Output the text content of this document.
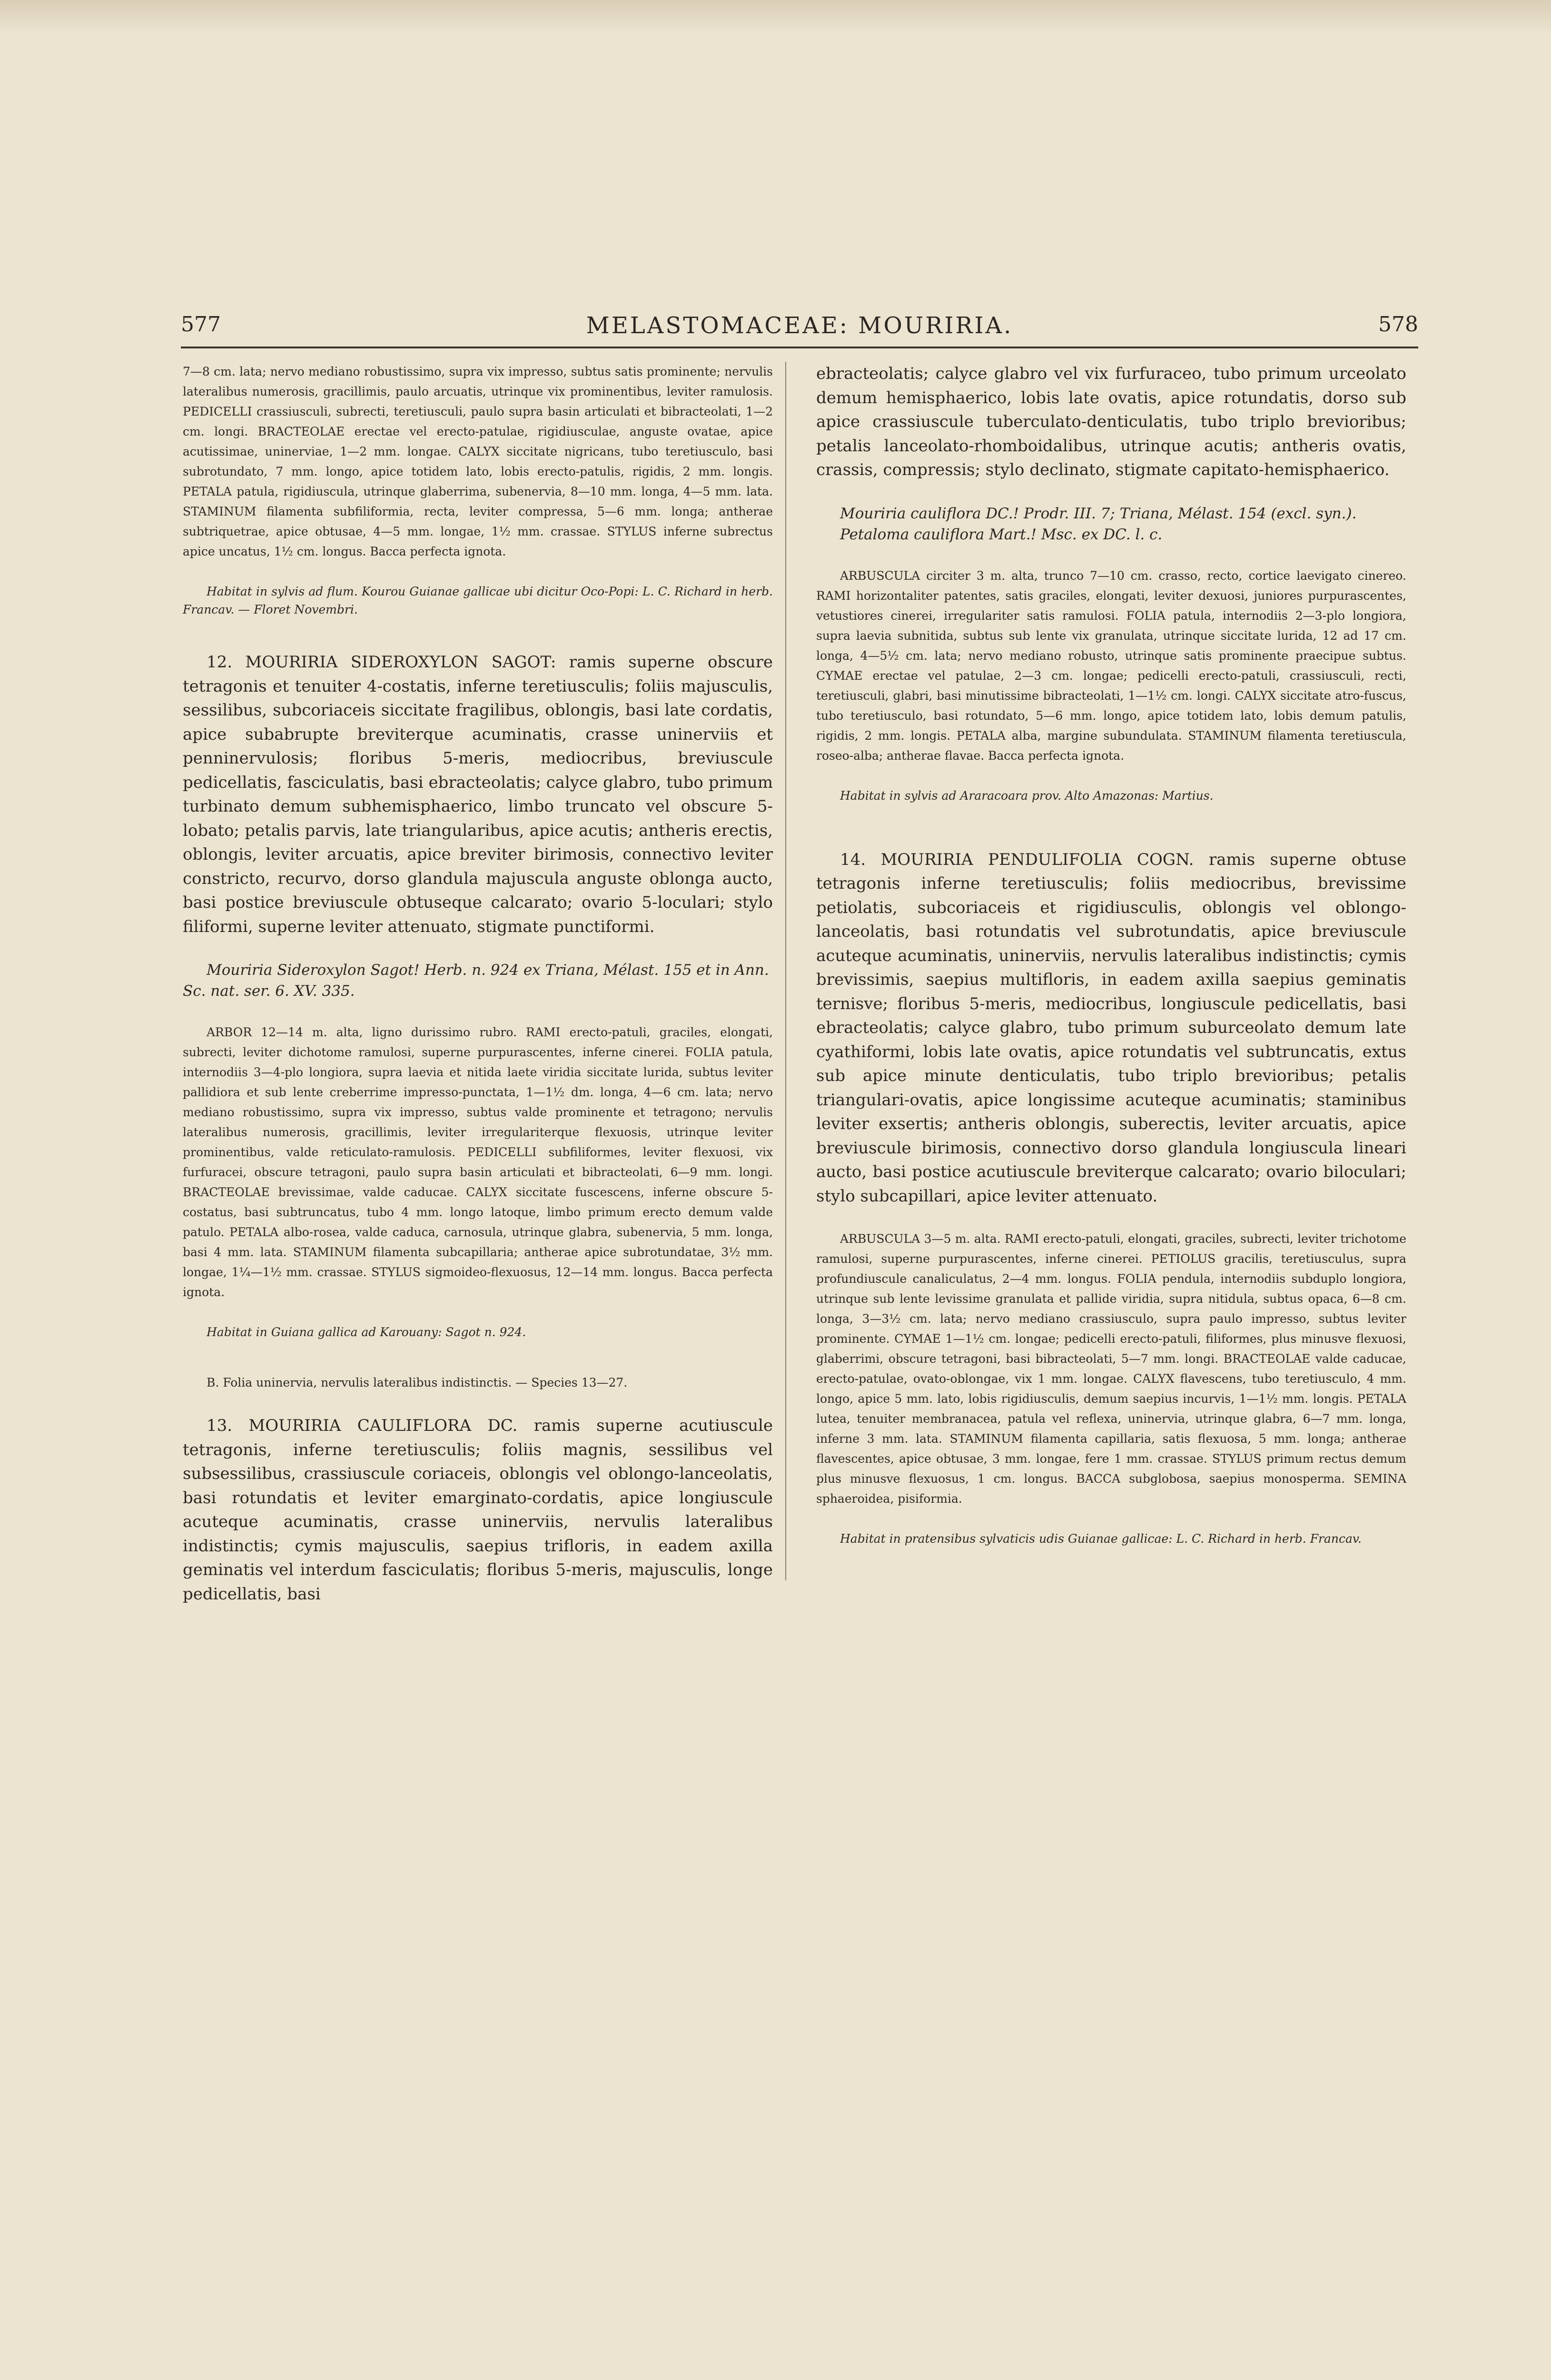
MELASTOMACEAE: MOURIRIA.
577	578

7—8 cm. lata; nervo mediano robustissimo, supra vix impresso, subtus satis prominente; nervulis lateralibus numerosis, gracillimis, paulo arcuatis, utrinque vix prominentibus, leviter ramulosis. PEDICELLI crassiusculi, subrecti, teretiusculi, paulo supra basin articulati et bibracteolati, 1—2 cm. longi. BRACTEOLAE erectae vel erecto-patulae, rigidiusculae, anguste ovatae, apice acutissimae, uninerviae, 1—2 mm. longae. CALYX siccitate nigricans, tubo teretiusculo, basi subrotundato, 7 mm. longo, apice totidem lato, lobis erecto-patulis, rigidis, 2 mm. longis. PETALA patula, rigidiuscula, utrinque glaberrima, subenervia, 8—10 mm. longa, 4—5 mm. lata. STAMINUM filamenta subfiliformia, recta, leviter compressa, 5—6 mm. longa; antherae subtriquetrae, apice obtusae, 4—5 mm. longae, 1½ mm. crassae. STYLUS inferne subrectus apice uncatus, 1½ cm. longus. Bacca perfecta ignota.

Habitat in sylvis ad flum. Kourou Guianae gallicae ubi dicitur Oco-Popi: L. C. Richard in herb. Francav. — Floret Novembri.

12. MOURIRIA SIDEROXYLON SAGOT: ramis superne obscure tetragonis et tenuiter 4-costatis, inferne teretiusculis; foliis majusculis, sessilibus, subcoriaceis siccitate fragilibus, oblongis, basi late cordatis, apice subabrupte breviterque acuminatis, crasse uninerviis et penninervulosis; floribus 5-meris, mediocribus, breviuscule pedicellatis, fasciculatis, basi ebracteolatis; calyce glabro, tubo primum turbinato demum subhemisphaerico, limbo truncato vel obscure 5-lobato; petalis parvis, late triangularibus, apice acutis; antheris erectis, oblongis, leviter arcuatis, apice breviter birimosis, connectivo leviter constricto, recurvo, dorso glandula majuscula anguste oblonga aucto, basi postice breviuscule obtuseque calcarato; ovario 5-loculari; stylo filiformi, superne leviter attenuato, stigmate punctiformi.

Mouriria Sideroxylon Sagot! Herb. n. 924 ex Triana, Mélast. 155 et in Ann. Sc. nat. ser. 6. XV. 335.

ARBOR 12—14 m. alta, ligno durissimo rubro. RAMI erecto-patuli, graciles, elongati, subrecti, leviter dichotome ramulosi, superne purpurascentes, inferne cinerei. FOLIA patula, internodiis 3—4-plo longiora, supra laevia et nitida laete viridia siccitate lurida, subtus leviter pallidiora et sub lente creberrime impresso-punctata, 1—1½ dm. longa, 4—6 cm. lata; nervo mediano robustissimo, supra vix impresso, subtus valde prominente et tetragono; nervulis lateralibus numerosis, gracillimis, leviter irregulariterque flexuosis, utrinque leviter prominentibus, valde reticulato-ramulosis. PEDICELLI subfiliformes, leviter flexuosi, vix furfuracei, obscure tetragoni, paulo supra basin articulati et bibracteolati, 6—9 mm. longi. BRACTEOLAE brevissimae, valde caducae. CALYX siccitate fuscescens, inferne obscure 5-costatus, basi subtruncatus, tubo 4 mm. longo latoque, limbo primum erecto demum valde patulo. PETALA albo-rosea, valde caduca, carnosula, utrinque glabra, subenervia, 5 mm. longa, basi 4 mm. lata. STAMINUM filamenta subcapillaria; antherae apice subrotundatae, 3½ mm. longae, 1¼—1½ mm. crassae. STYLUS sigmoideo-flexuosus, 12—14 mm. longus. Bacca perfecta ignota.

Habitat in Guiana gallica ad Karouany: Sagot n. 924.

B. Folia uninervia, nervulis lateralibus indistinctis. — Species 13—27.

13. MOURIRIA CAULIFLORA DC. ramis superne acutiuscule tetragonis, inferne teretiusculis; foliis magnis, sessilibus vel subsessilibus, crassiuscule coriaceis, oblongis vel oblongo-lanceolatis, basi rotundatis et leviter emarginato-cordatis, apice longiuscule acuteque acuminatis, crasse uninerviis, nervulis lateralibus indistinctis; cymis majusculis, saepius trifloris, in eadem axilla geminatis vel interdum fasciculatis; floribus 5-meris, majusculis, longe pedicellatis, basi

ebracteolatis; calyce glabro vel vix furfuraceo, tubo primum urceolato demum hemisphaerico, lobis late ovatis, apice rotundatis, dorso sub apice crassiuscule tuberculato-denticulatis, tubo triplo brevioribus; petalis lanceolato-rhomboidalibus, utrinque acutis; antheris ovatis, crassis, compressis; stylo declinato, stigmate capitato-hemisphaerico.

Mouriria cauliflora DC.! Prodr. III. 7; Triana, Mélast. 154 (excl. syn.).

Petaloma cauliflora Mart.! Msc. ex DC. l. c.

ARBUSCULA circiter 3 m. alta, trunco 7—10 cm. crasso, recto, cortice laevigato cinereo. RAMI horizontaliter patentes, satis graciles, elongati, leviter dexuosi, juniores purpurascentes, vetustiores cinerei, irregulariter satis ramulosi. FOLIA patula, internodiis 2—3-plo longiora, supra laevia subnitida, subtus sub lente vix granulata, utrinque siccitate lurida, 12 ad 17 cm. longa, 4—5½ cm. lata; nervo mediano robusto, utrinque satis prominente praecipue subtus. CYMAE erectae vel patulae, 2—3 cm. longae; pedicelli erecto-patuli, crassiusculi, recti, teretiusculi, glabri, basi minutissime bibracteolati, 1—1½ cm. longi. CALYX siccitate atro-fuscus, tubo teretiusculo, basi rotundato, 5—6 mm. longo, apice totidem lato, lobis demum patulis, rigidis, 2 mm. longis. PETALA alba, margine subundulata. STAMINUM filamenta teretiuscula, roseo-alba; antherae flavae. Bacca perfecta ignota.

Habitat in sylvis ad Araracoara prov. Alto Amazonas: Martius.

14. MOURIRIA PENDULIFOLIA COGN. ramis superne obtuse tetragonis inferne teretiusculis; foliis mediocribus, brevissime petiolatis, subcoriaceis et rigidiusculis, oblongis vel oblongo-lanceolatis, basi rotundatis vel subrotundatis, apice breviuscule acuteque acuminatis, uninerviis, nervulis lateralibus indistinctis; cymis brevissimis, saepius multifloris, in eadem axilla saepius geminatis ternisve; floribus 5-meris, mediocribus, longiuscule pedicellatis, basi ebracteolatis; calyce glabro, tubo primum suburceolato demum late cyathiformi, lobis late ovatis, apice rotundatis vel subtruncatis, extus sub apice minute denticulatis, tubo triplo brevioribus; petalis triangulari-ovatis, apice longissime acuteque acuminatis; staminibus leviter exsertis; antheris oblongis, suberectis, leviter arcuatis, apice breviuscule birimosis, connectivo dorso glandula longiuscula lineari aucto, basi postice acutiuscule breviterque calcarato; ovario biloculari; stylo subcapillari, apice leviter attenuato.

ARBUSCULA 3—5 m. alta. RAMI erecto-patuli, elongati, graciles, subrecti, leviter trichotome ramulosi, superne purpurascentes, inferne cinerei. PETIOLUS gracilis, teretiusculus, supra profundiuscule canaliculatus, 2—4 mm. longus. FOLIA pendula, internodiis subduplo longiora, utrinque sub lente levissime granulata et pallide viridia, supra nitidula, subtus opaca, 6—8 cm. longa, 3—3½ cm. lata; nervo mediano crassiusculo, supra paulo impresso, subtus leviter prominente. CYMAE 1—1½ cm. longae; pedicelli erecto-patuli, filiformes, plus minusve flexuosi, glaberrimi, obscure tetragoni, basi bibracteolati, 5—7 mm. longi. BRACTEOLAE valde caducae, erecto-patulae, ovato-oblongae, vix 1 mm. longae. CALYX flavescens, tubo teretiusculo, 4 mm. longo, apice 5 mm. lato, lobis rigidiusculis, demum saepius incurvis, 1—1½ mm. longis. PETALA lutea, tenuiter membranacea, patula vel reflexa, uninervia, utrinque glabra, 6—7 mm. longa, inferne 3 mm. lata. STAMINUM filamenta capillaria, satis flexuosa, 5 mm. longa; antherae flavescentes, apice obtusae, 3 mm. longae, fere 1 mm. crassae. STYLUS primum rectus demum plus minusve flexuosus, 1 cm. longus. BACCA subglobosa, saepius monosperma. SEMINA sphaeroidea, pisiformia.

Habitat in pratensibus sylvaticis udis Guianae gallicae: L. C. Richard in herb. Francav.
